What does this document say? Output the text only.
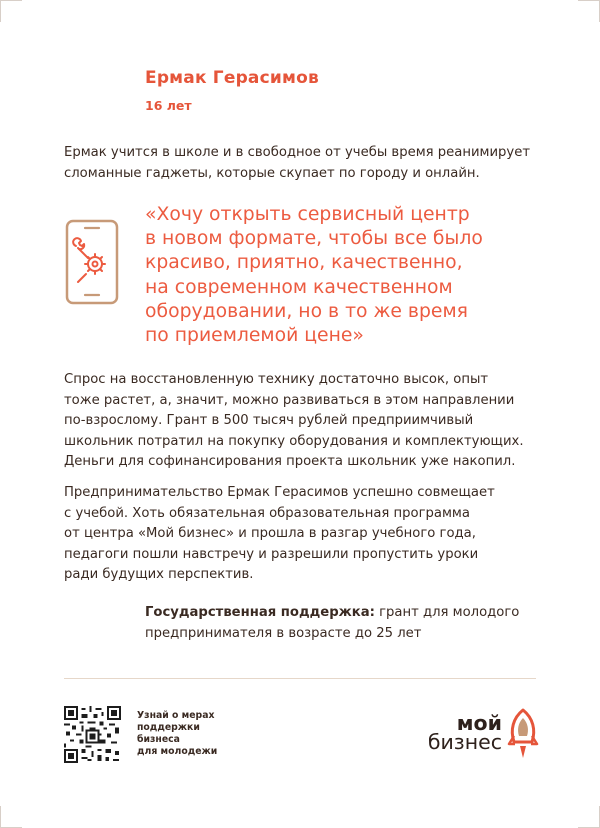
Ермак Герасимов
16 лет
Ермак учится в школе и в свободное от учебы время реанимирует сломанные гаджеты, которые скупает по городу и онлайн.
«Хочу открыть сервисный центр
в новом формате, чтобы все было
красиво, приятно, качественно,
на современном качественном
оборудовании, но в то же время
по приемлемой цене»
Спрос на восстановленную технику достаточно высок, опыт
тоже растет, а, значит, можно развиваться в этом направлении
по-взрослому. Грант в 500 тысяч рублей предприимчивый
школьник потратил на покупку оборудования и комплектующих.
Деньги для софинансирования проекта школьник уже накопил.
Предпринимательство Ермак Герасимов успешно совмещает
с учебой. Хоть обязательная образовательная программа
от центра «Мой бизнес» и прошла в разгар учебного года,
педагоги пошли навстречу и разрешили пропустить уроки
ради будущих перспектив.
Государственная поддержка: грант для молодого
предпринимателя в возрасте до 25 лет
Узнай о мерах
поддержки
бизнеса
для молодежи
мой
бизнес
